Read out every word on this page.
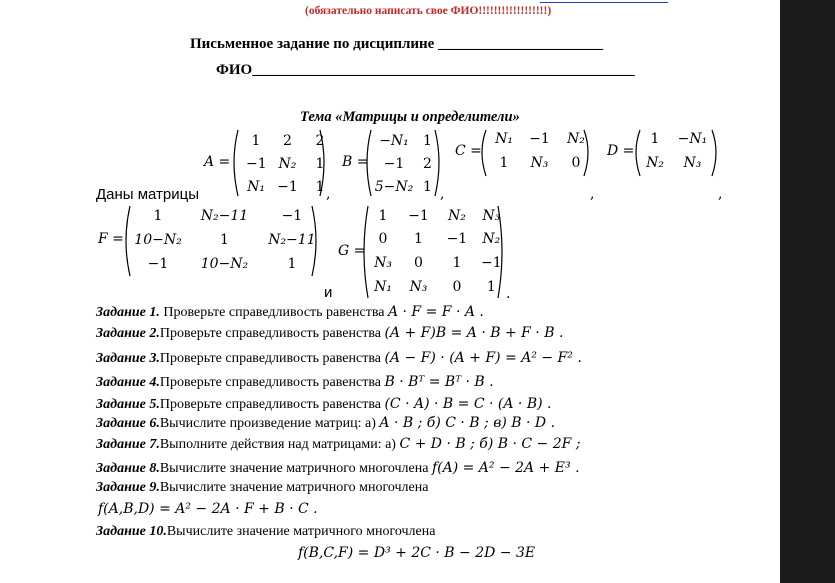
(обязательно написать свое ФИО!!!!!!!!!!!!!!!!!!)
Письменное задание по дисциплине ______________________
ФИО___________________________________________________
Тема «Матрицы и определители»
A =
1 2 2
−1 N₂ 1
N₁ −1 1 ,
B =
−N₁ 1
−1 2
5−N₂ 1 ,
C =
N₁ −1 N₂
1 N₃ 0
,
D =
1 −N₁
N₂ N₃
,
Даны матрицы
F =
1	N₂−11 −1
10−N₂	1	N₂−11
−1 10−N₂	1
и
G =
1 −1 N₂ N₃
0 1 −1 N₂
N₃ 0 1 −1
N₁ N₃ 0 1 .
Задание 1. Проверьте справедливость равенства A · F = F · A .
Задание 2.Проверьте справедливость равенства (A + F)B = A · B + F · B .
Задание 3.Проверьте справедливость равенства (A − F) · (A + F) = A² − F² .
Задание 4.Проверьте справедливость равенства B · Bᵀ = Bᵀ · B .
Задание 5.Проверьте справедливость равенства (C · A) · B = C · (A · B) .
Задание 6.Вычислите произведение матриц: а) A · B ; б) C · B ; в) B · D .
Задание 7.Выполните действия над матрицами: а) C + D · B ; б) B · C − 2F ;
Задание 8.Вычислите значение матричного многочлена f(A) = A² − 2A + E³ .
Задание 9.Вычислите значение матричного многочлена
f(A,B,D) = A² − 2A · F + B · C .
Задание 10.Вычислите значение матричного многочлена
f(B,C,F) = D³ + 2C · B − 2D − 3E
